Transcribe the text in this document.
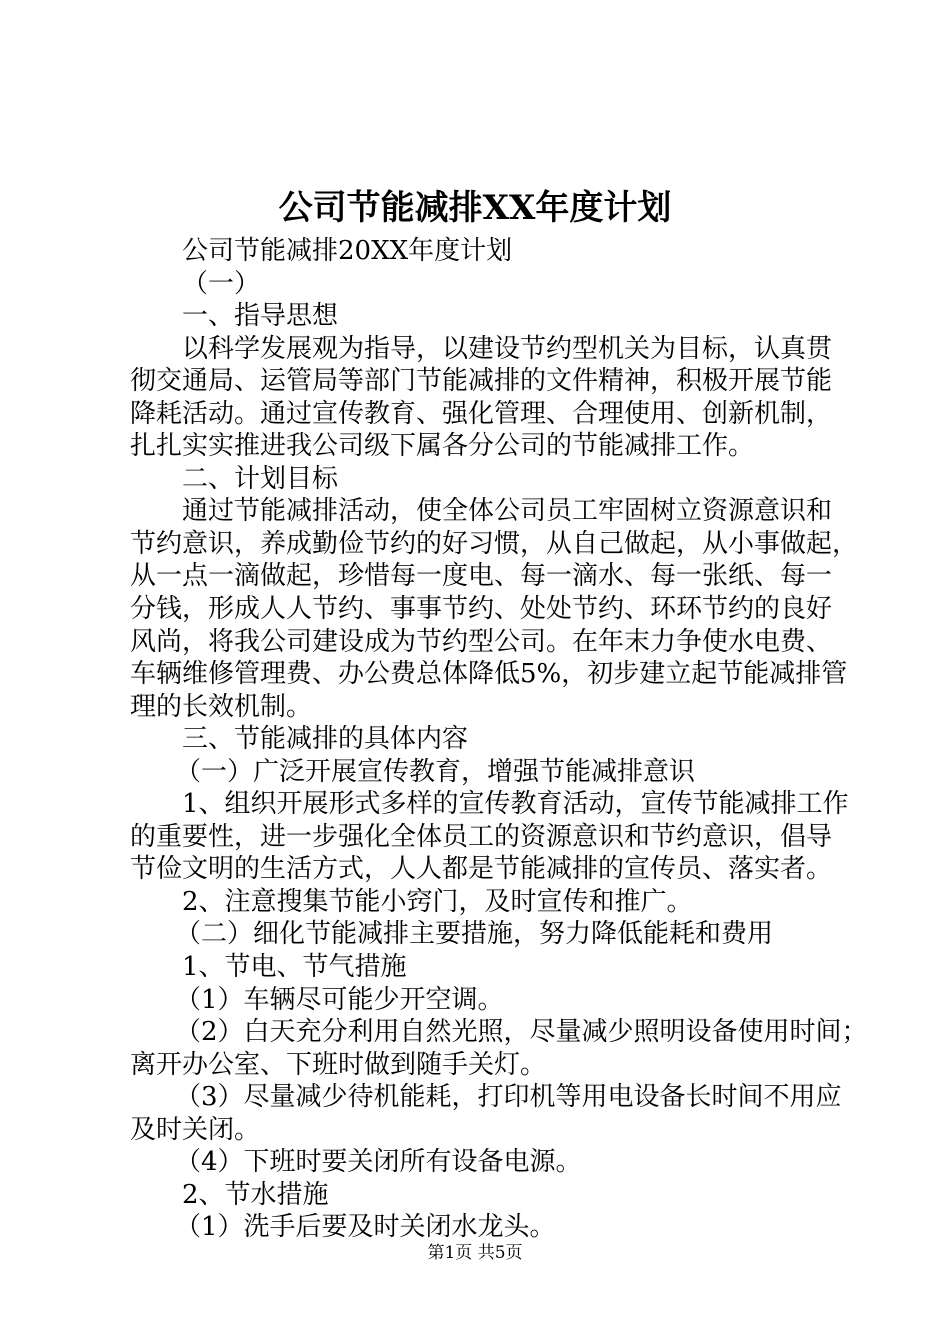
公司节能减排XX年度计划
公司节能减排20XX年度计划
（一）
一、指导思想
以科学发展观为指导，以建设节约型机关为目标，认真贯
彻交通局、运管局等部门节能减排的文件精神，积极开展节能
降耗活动。通过宣传教育、强化管理、合理使用、创新机制，
扎扎实实推进我公司级下属各分公司的节能减排工作。
二、计划目标
通过节能减排活动，使全体公司员工牢固树立资源意识和
节约意识，养成勤俭节约的好习惯，从自己做起，从小事做起，
从一点一滴做起，珍惜每一度电、每一滴水、每一张纸、每一
分钱，形成人人节约、事事节约、处处节约、环环节约的良好
风尚，将我公司建设成为节约型公司。在年末力争使水电费、
车辆维修管理费、办公费总体降低5%，初步建立起节能减排管
理的长效机制。
三、节能减排的具体内容
（一）广泛开展宣传教育，增强节能减排意识
1、组织开展形式多样的宣传教育活动，宣传节能减排工作
的重要性，进一步强化全体员工的资源意识和节约意识，倡导
节俭文明的生活方式，人人都是节能减排的宣传员、落实者。
2、注意搜集节能小窍门，及时宣传和推广。
（二）细化节能减排主要措施，努力降低能耗和费用
1、节电、节气措施
（1）车辆尽可能少开空调。
（2）白天充分利用自然光照，尽量减少照明设备使用时间；
离开办公室、下班时做到随手关灯。
（3）尽量减少待机能耗，打印机等用电设备长时间不用应
及时关闭。
（4）下班时要关闭所有设备电源。
2、节水措施
（1）洗手后要及时关闭水龙头。
第1页 共5页
